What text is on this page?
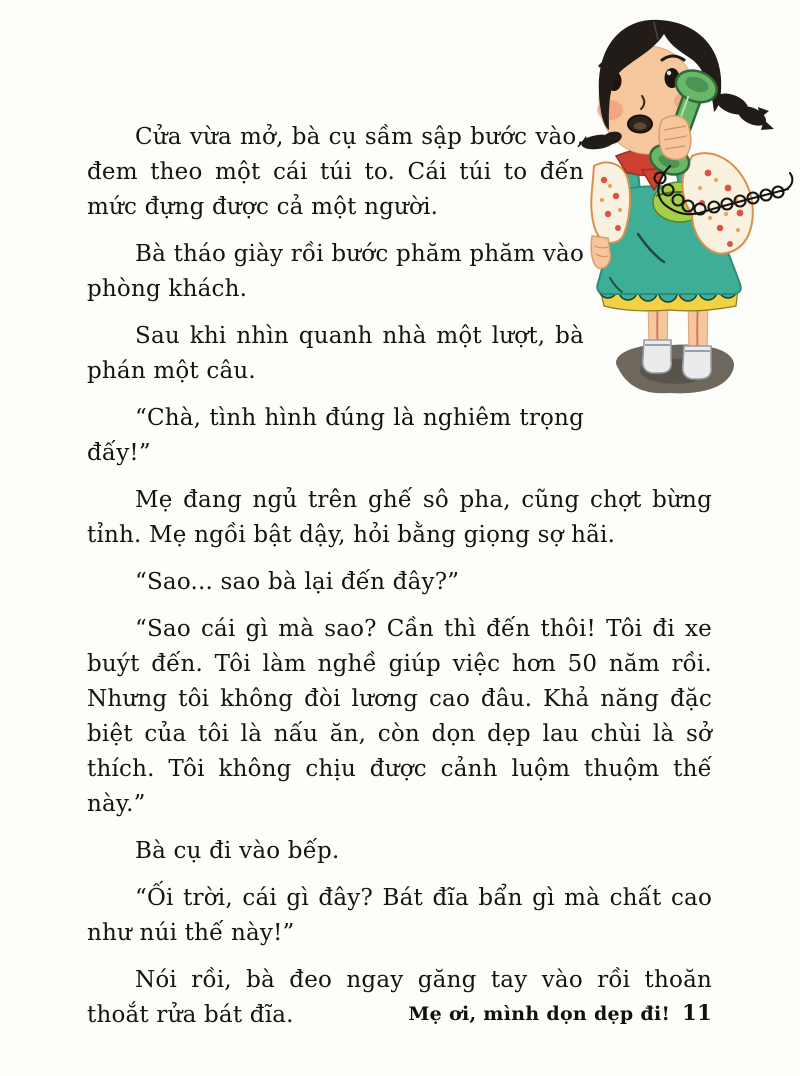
Cửa vừa mở, bà cụ sầm sập bước vào, đem theo một cái túi to. Cái túi to đến mức đựng được cả một người.

Bà tháo giày rồi bước phăm phăm vào phòng khách.

Sau khi nhìn quanh nhà một lượt, bà phán một câu.

“Chà, tình hình đúng là nghiêm trọng đấy!”

Mẹ đang ngủ trên ghế sô pha, cũng chợt bừng tỉnh. Mẹ ngồi bật dậy, hỏi bằng giọng sợ hãi.

“Sao... sao bà lại đến đây?”

“Sao cái gì mà sao? Cần thì đến thôi! Tôi đi xe buýt đến. Tôi làm nghề giúp việc hơn 50 năm rồi. Nhưng tôi không đòi lương cao đâu. Khả năng đặc biệt của tôi là nấu ăn, còn dọn dẹp lau chùi là sở thích. Tôi không chịu được cảnh luộm thuộm thế này.”

Bà cụ đi vào bếp.

“Ối trời, cái gì đây? Bát đĩa bẩn gì mà chất cao như núi thế này!”

Nói rồi, bà đeo ngay găng tay vào rồi thoăn thoắt rửa bát đĩa.	Mẹ ơi, mình dọn dẹp đi! 11
